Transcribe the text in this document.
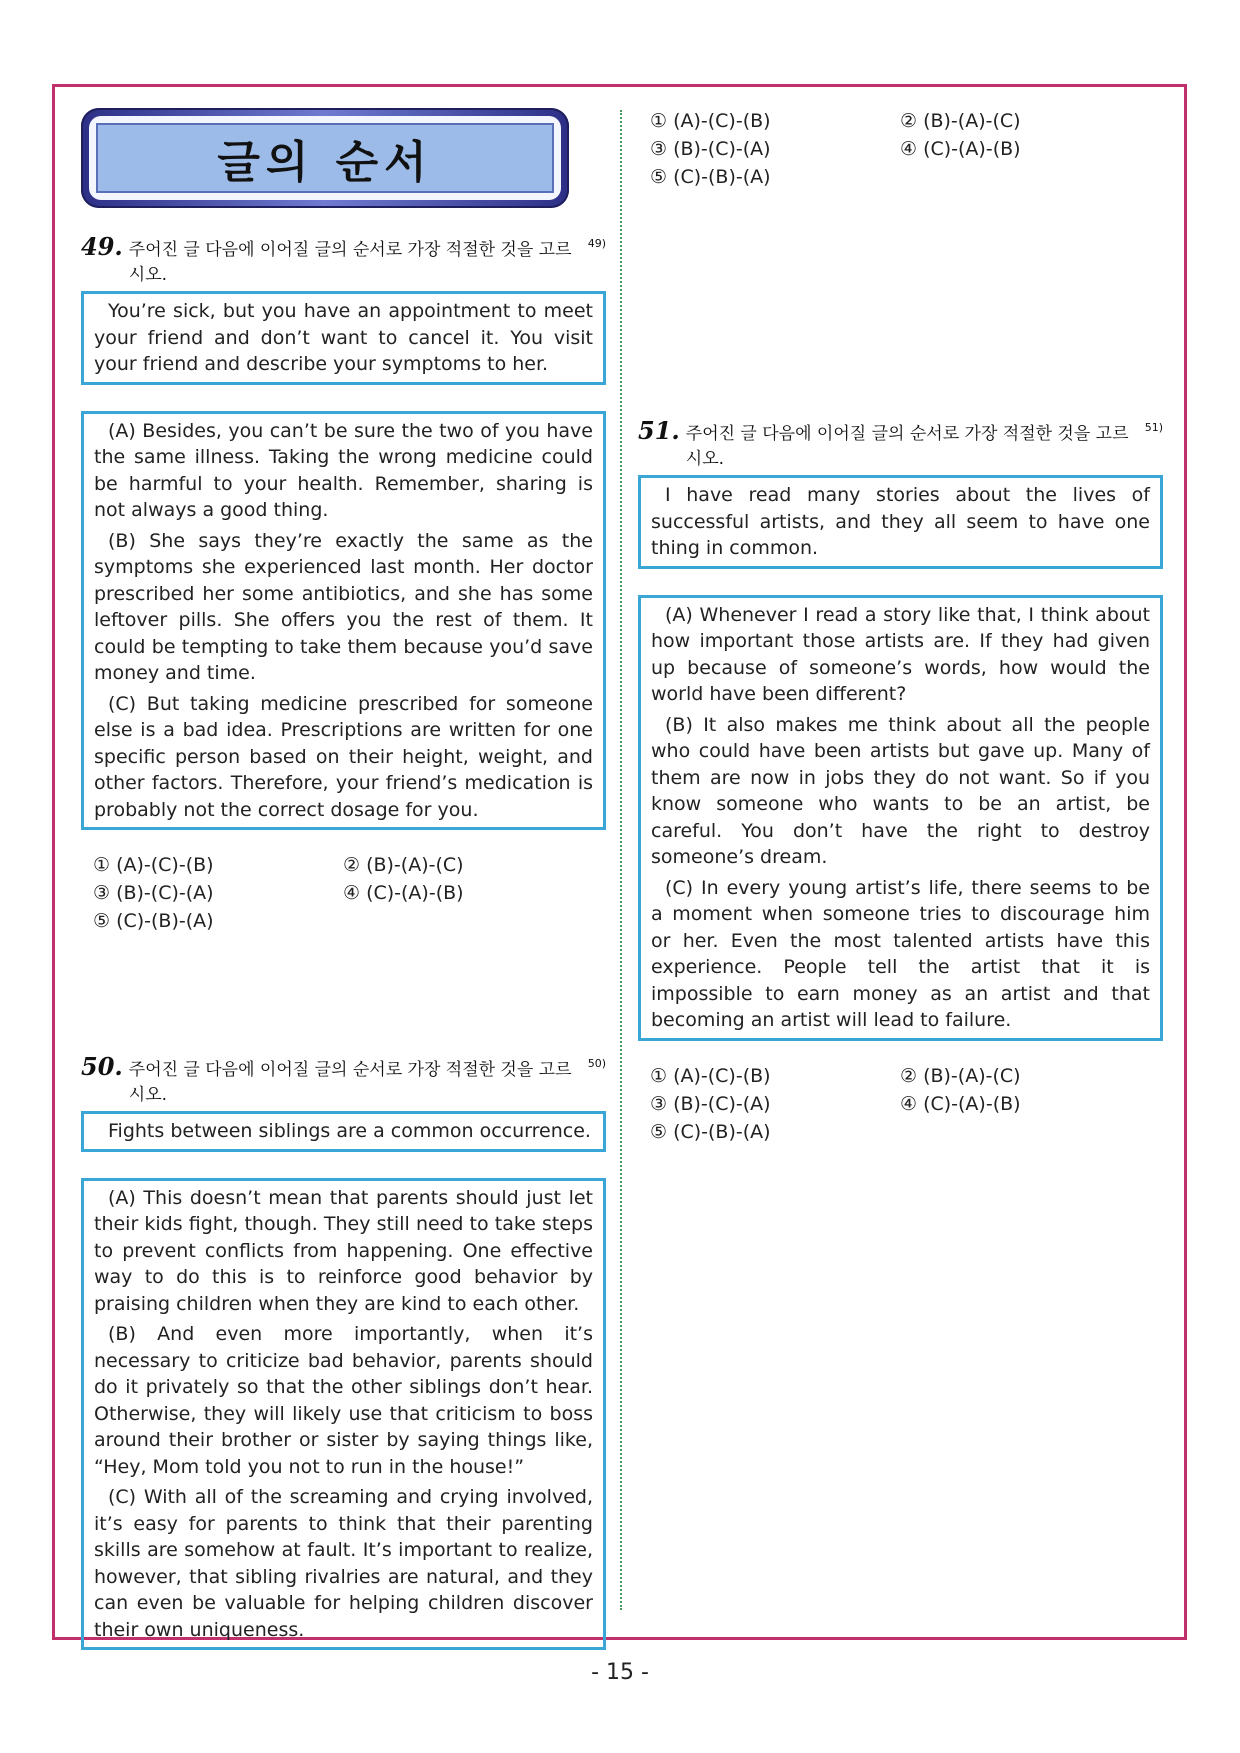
글의 순서
49. 주어진 글 다음에 이어질 글의 순서로 가장 적절한 것을 고르시오.
49)
You’re sick, but you have an appointment to meet your friend and don’t want to cancel it. You visit your friend and describe your symptoms to her.

(A) Besides, you can’t be sure the two of you have the same illness. Taking the wrong medicine could be harmful to your health. Remember, sharing is not always a good thing.

(B) She says they’re exactly the same as the symptoms she experienced last month. Her doctor prescribed her some antibiotics, and she has some leftover pills. She offers you the rest of them. It could be tempting to take them because you’d save money and time.

(C) But taking medicine prescribed for someone else is a bad idea. Prescriptions are written for one specific person based on their height, weight, and other factors. Therefore, your friend’s medication is probably not the correct dosage for you.

① (A)-(C)-(B)	② (B)-(A)-(C)
③ (B)-(C)-(A)	④ (C)-(A)-(B)
⑤ (C)-(B)-(A)
50. 주어진 글 다음에 이어질 글의 순서로 가장 적절한 것을 고르시오.
50)
Fights between siblings are a common occurrence.

(A) This doesn’t mean that parents should just let their kids fight, though. They still need to take steps to prevent conflicts from happening. One effective way to do this is to reinforce good behavior by praising children when they are kind to each other.

(B) And even more importantly, when it’s necessary to criticize bad behavior, parents should do it privately so that the other siblings don’t hear. Otherwise, they will likely use that criticism to boss around their brother or sister by saying things like, “Hey, Mom told you not to run in the house!”

(C) With all of the screaming and crying involved, it’s easy for parents to think that their parenting skills are somehow at fault. It’s important to realize, however, that sibling rivalries are natural, and they can even be valuable for helping children discover their own uniqueness.

① (A)-(C)-(B)	② (B)-(A)-(C)
③ (B)-(C)-(A)	④ (C)-(A)-(B)
⑤ (C)-(B)-(A)
51. 주어진 글 다음에 이어질 글의 순서로 가장 적절한 것을 고르시오.
51)
I have read many stories about the lives of successful artists, and they all seem to have one thing in common.

(A) Whenever I read a story like that, I think about how important those artists are. If they had given up because of someone’s words, how would the world have been different?

(B) It also makes me think about all the people who could have been artists but gave up. Many of them are now in jobs they do not want. So if you know someone who wants to be an artist, be careful. You don’t have the right to destroy someone’s dream.

(C) In every young artist’s life, there seems to be a moment when someone tries to discourage him or her. Even the most talented artists have this experience. People tell the artist that it is impossible to earn money as an artist and that becoming an artist will lead to failure.

① (A)-(C)-(B)	② (B)-(A)-(C)
③ (B)-(C)-(A)	④ (C)-(A)-(B)
⑤ (C)-(B)-(A)
- 15 -
